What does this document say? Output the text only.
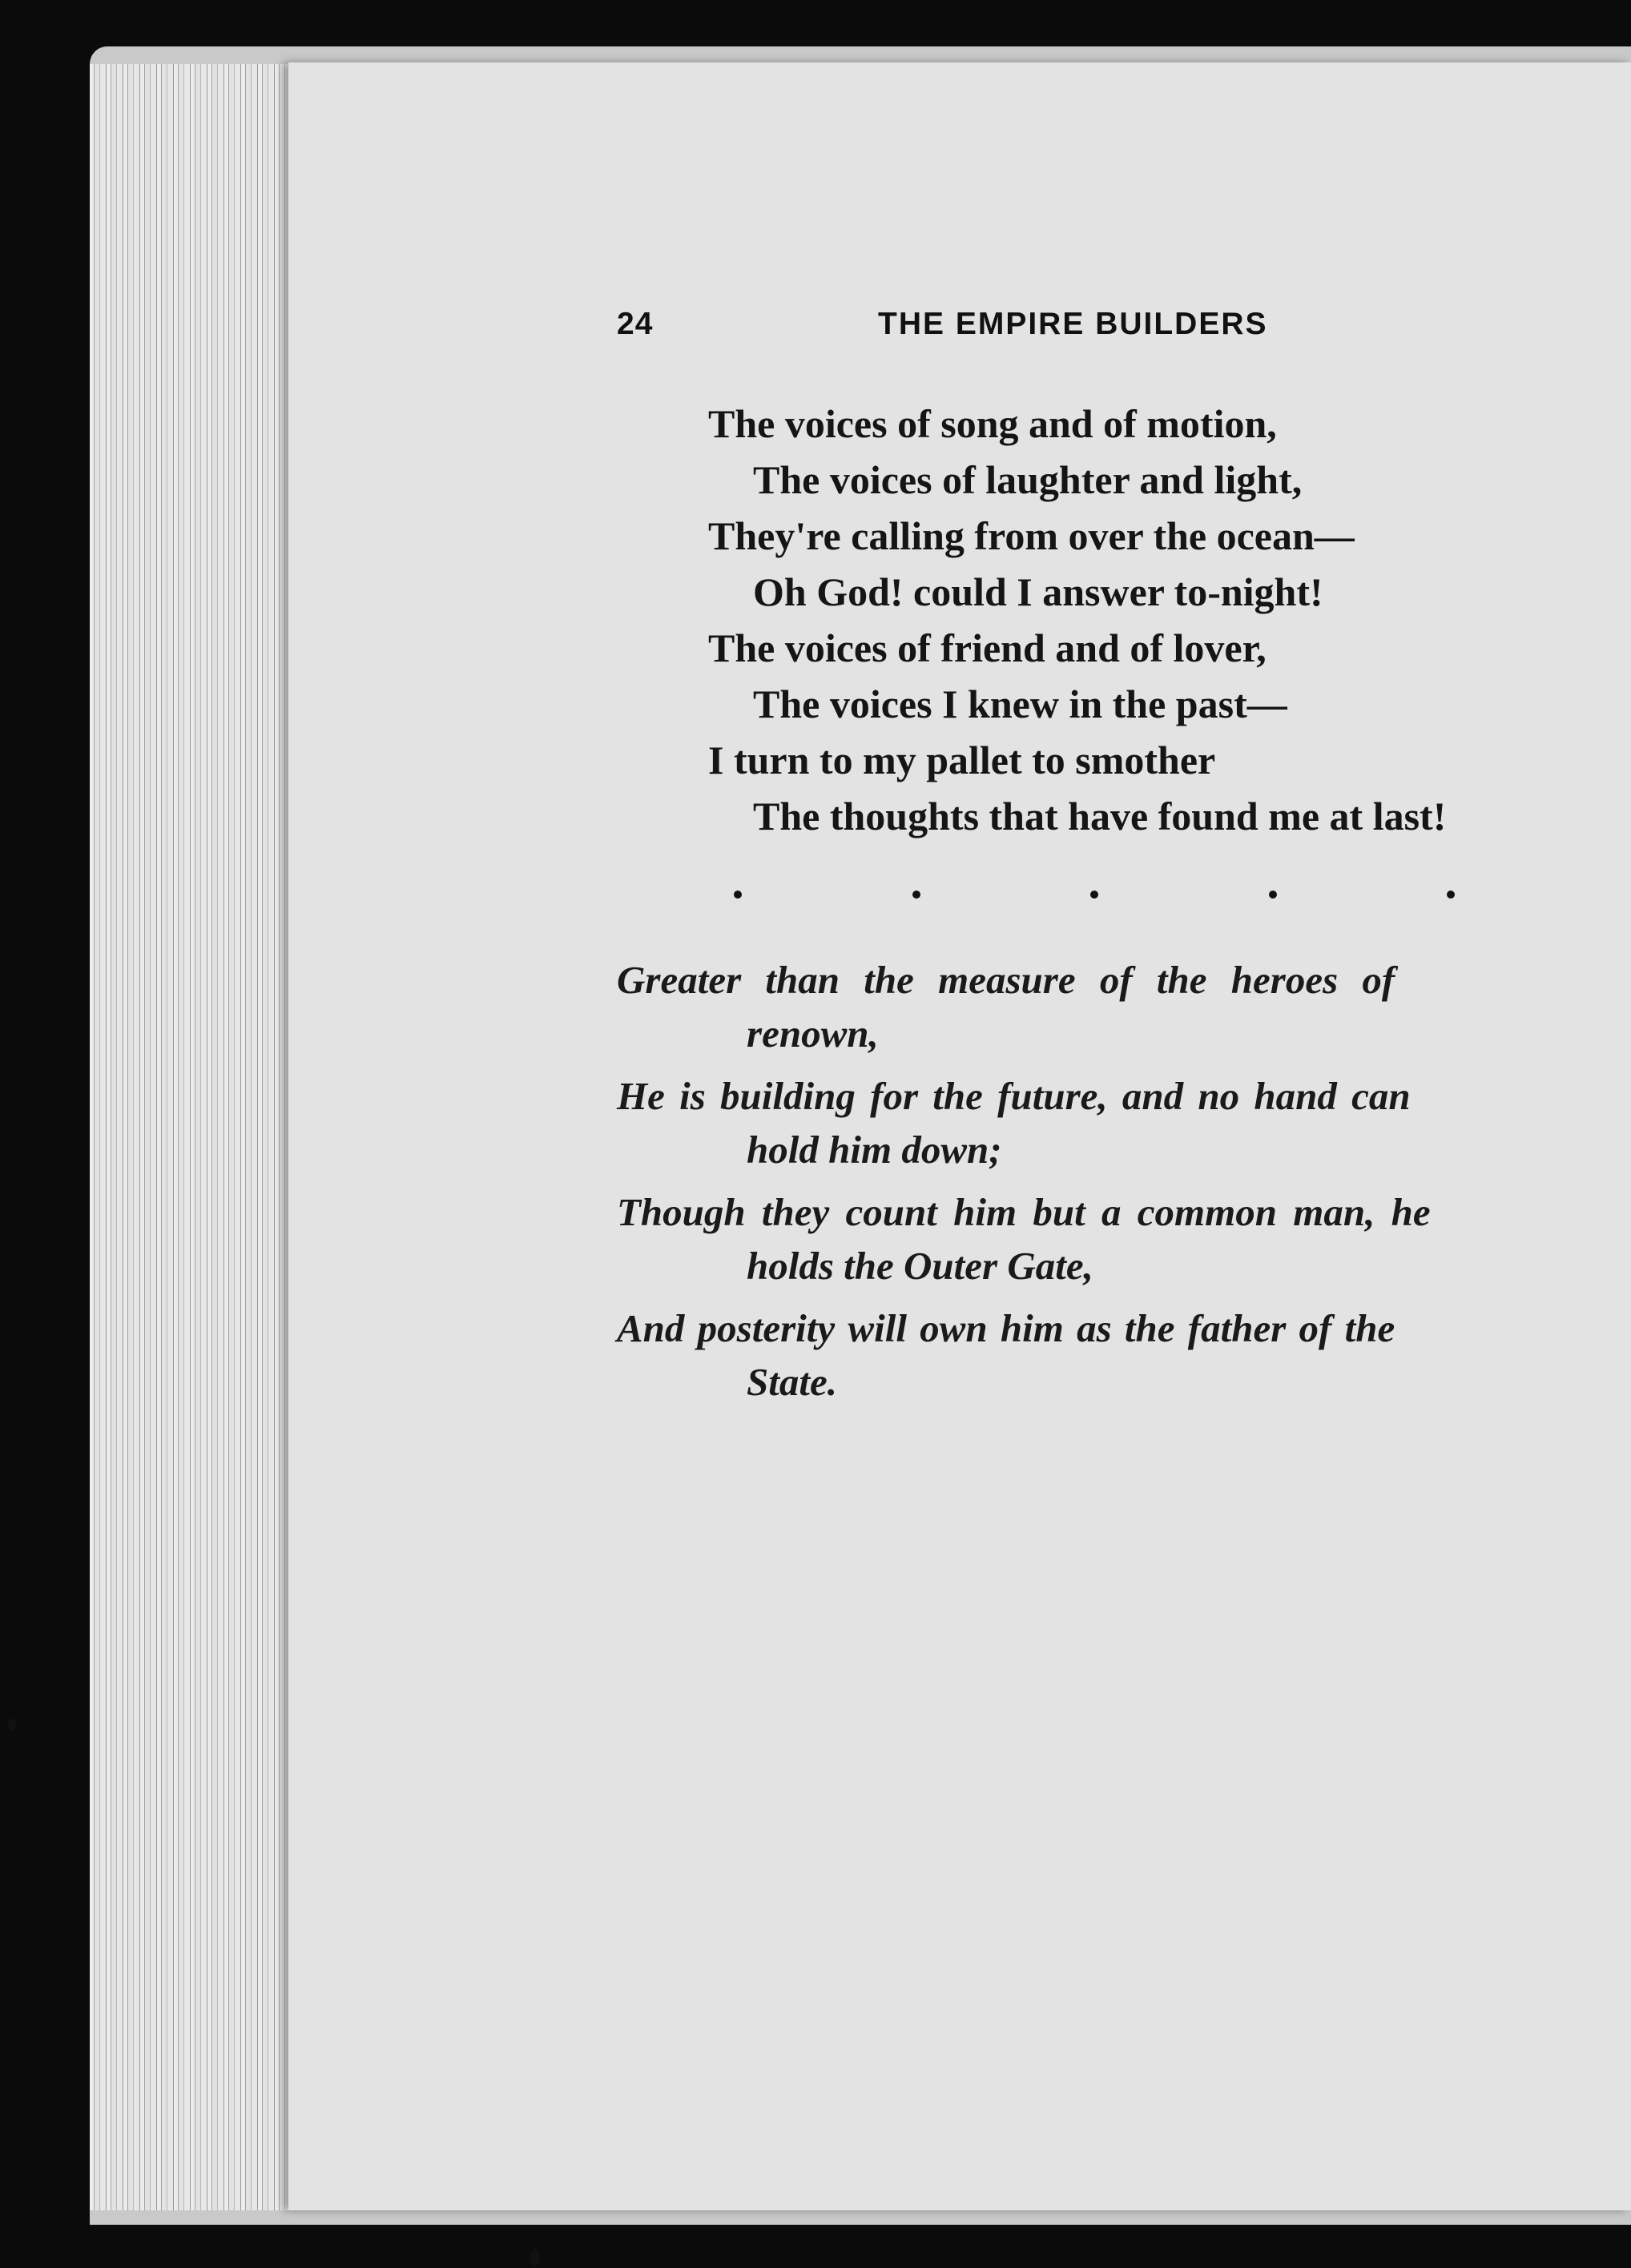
24	THE EMPIRE BUILDERS
The voices of song and of motion,
The voices of laughter and light,
They're calling from over the ocean—
Oh God! could I answer to-night!
The voices of friend and of lover,
The voices I knew in the past—
I turn to my pallet to smother
The thoughts that have found me at last!
Greater than the measure of the heroes of
renown,
He is building for the future, and no hand can
hold him down;
Though they count him but a common man, he
holds the Outer Gate,
And posterity will own him as the father of the
State.
